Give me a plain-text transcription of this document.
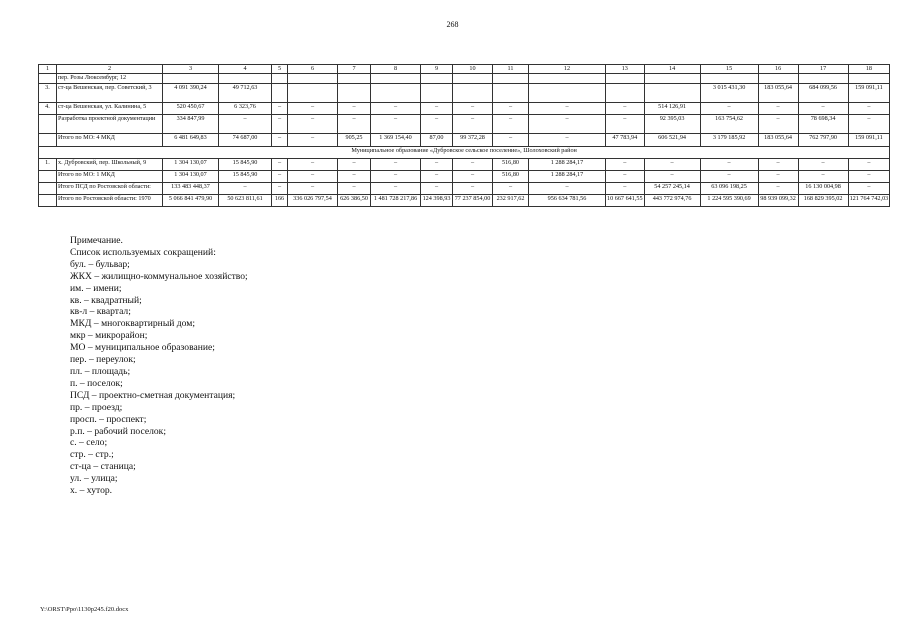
268
1	2	3	4	5	6	7	8	9	10	11	12	13	14	15	16	17	18
	пер. Розы Люксембург, 12																
3.	ст-ца Вешенская, пер. Советский, 3	4 091 390,24	49 712,63											3 015 431,30	183 055,64	684 099,56	159 091,11
4.	ст-ца Вешенская, ул. Калинина, 5	520 450,67	6 323,76	–	–	–	–	–	–	–	–	–	514 126,91	–	–	–	–
	Разработка проектной документации	334 847,99	–	–	–	–	–	–	–	–	–	–	92 395,03	163 754,62	–	78 698,34	–
	Итого по МО: 4 МКД	6 481 649,83	74 687,00	–	–	905,25	1 369 154,40	87,00	99 372,28	–	–	47 783,94	606 521,94	3 179 185,92	183 055,64	762 797,90	159 091,11
Муниципальное образование «Дубровское сельское поселение», Шолоховский район																	
1.	х. Дубровский, пер. Школьный, 9	1 304 130,07	15 845,90	–	–	–	–	–	–	516,80	1 288 284,17	–	–	–	–	–	–
	Итого по МО: 1 МКД	1 304 130,07	15 845,90	–	–	–	–	–	–	516,80	1 288 284,17	–	–	–	–	–	–
	Итого ПСД по Ростовской области:	133 483 448,37	–	–	–	–	–	–	–	–	–	–	54 257 245,14	63 096 198,25	–	16 130 004,98	–
	Итого по Ростовской области: 1970	5 066 841 479,90	50 623 811,61	166	336 026 797,54	626 386,50	1 481 728 217,86	124 398,93	77 237 854,00	232 917,62	956 634 781,56	10 667 641,55	443 772 974,76	1 224 595 390,69	98 939 099,32	168 829 395,02	121 764 742,03
Примечание.
Список используемых сокращений:
бул. – бульвар;
ЖКХ – жилищно-коммунальное хозяйство;
им. – имени;
кв. – квадратный;
кв-л – квартал;
МКД – многоквартирный дом;
мкр – микрорайон;
МО – муниципальное образование;
пер. – переулок;
пл. – площадь;
п. – поселок;
ПСД – проектно-сметная документация;
пр. – проезд;
просп. – проспект;
р.п. – рабочий поселок;
с. – село;
стр. – стр.;
ст-ца – станица;
ул. – улица;
х. – хутор.
Y:\ORST\Ppo\1130p245.f20.docx
